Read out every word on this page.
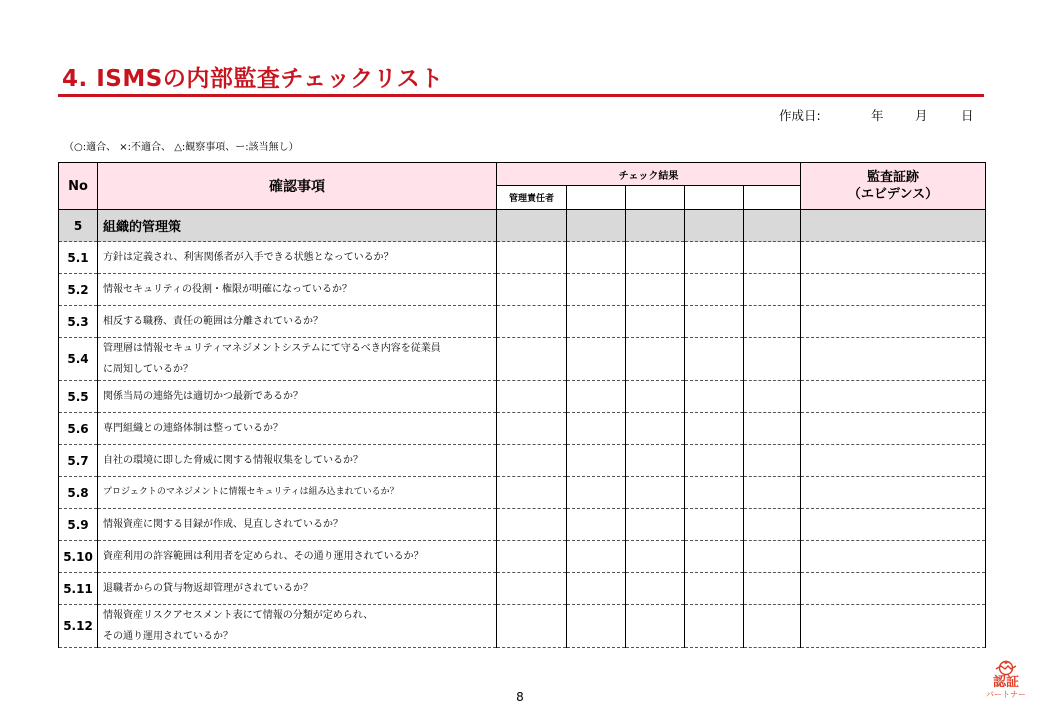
4. ISMSの内部監査チェックリスト
作成日:	年	月	日
（○:適合、 ×:不適合、 △:観察事項、ー:該当無し）
No	確認事項	チェック結果					監査証跡
（エビデンス）

		管理責任者					
5	組織的管理策						
5.1	方針は定義され、利害関係者が入手できる状態となっているか？						

5.2	情報セキュリティの役割・権限が明確になっているか？						

5.3	相反する職務、責任の範囲は分離されているか？						

5.4	管理層は情報セキュリティマネジメントシステムにて守るべき内容を従業員
に周知しているか？						

5.5	関係当局の連絡先は適切かつ最新であるか？						

5.6	専門組織との連絡体制は整っているか？						

5.7	自社の環境に即した脅威に関する情報収集をしているか？						

5.8	プロジェクトのマネジメントに情報セキュリティは組み込まれているか？						

5.9	情報資産に関する目録が作成、見直しされているか？						

5.10	資産利用の許容範囲は利用者を定められ、その通り運用されているか？						

5.11	退職者からの貸与物返却管理がされているか？						

5.12	情報資産リスクアセスメント表にて情報の分類が定められ、
その通り運用されているか？						

8
認証
パートナー
